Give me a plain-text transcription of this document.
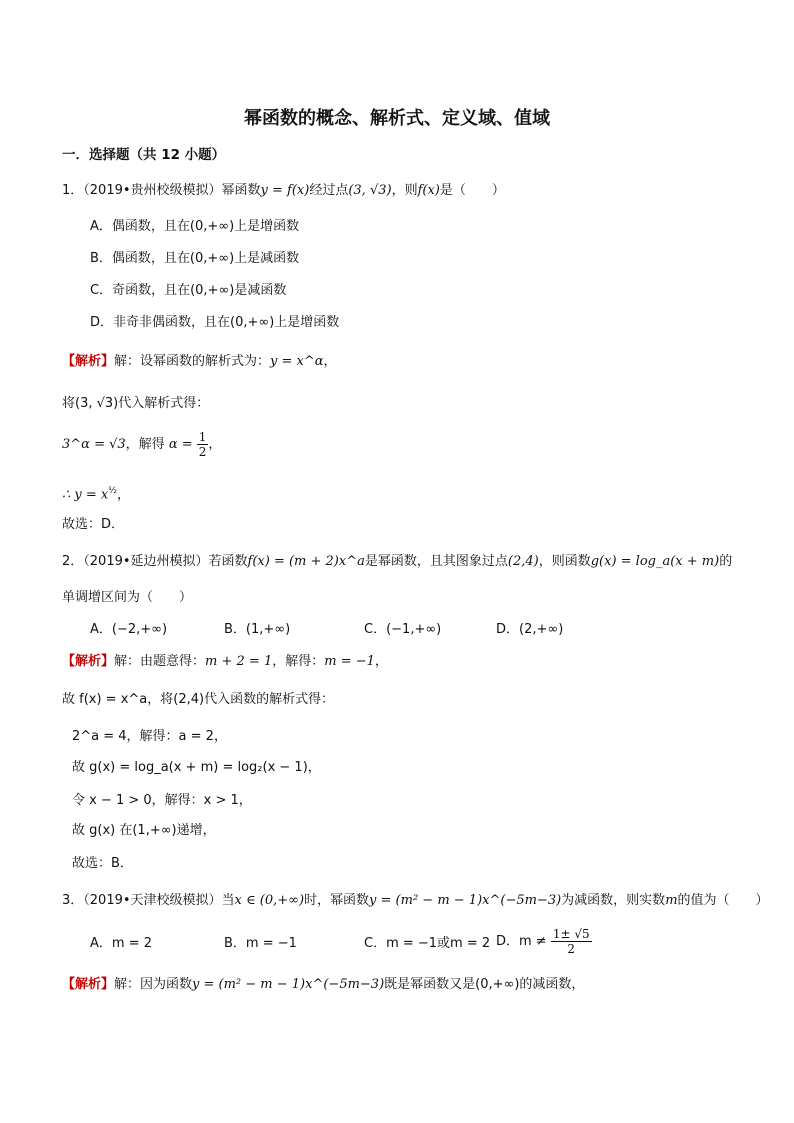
幂函数的概念、解析式、定义域、值域
一．选择题（共 12 小题）
1．（2019•贵州校级模拟）幂函数y = f(x)经过点(3, √3)，则f(x)是（　　）
A．偶函数，且在(0,+∞)上是增函数
B．偶函数，且在(0,+∞)上是减函数
C．奇函数，且在(0,+∞)是减函数
D．非奇非偶函数，且在(0,+∞)上是增函数
【解析】解：设幂函数的解析式为：y = x^α，
将(3, √3)代入解析式得：
3^α = √3，解得 $\alpha = \frac{1}{2}$ ，
∴ $y = x^{\frac{1}{2}}$，
故选：D．
2．（2019•延边州模拟）若函数f(x) = (m + 2)x^a是幂函数，且其图象过点(2,4)，则函数g(x) = log_a(x + m)的
单调增区间为（　　）
A．(−2,+∞)	B．(1,+∞)	C．(−1,+∞)	D．(2,+∞)
【解析】解：由题意得：m + 2 = 1，解得：m = −1，
故 f(x) = x^a，将(2,4)代入函数的解析式得：
2^a = 4，解得：a = 2，
故 g(x) = log_a(x + m) = log₂(x − 1)，
令 x − 1 > 0，解得：x > 1，
故 g(x) 在(1,+∞)递增，
故选：B．
3．（2019•天津校级模拟）当x ∈ (0,+∞)时，幂函数y = (m² − m − 1)x^(−5m−3)为减函数，则实数m的值为（　　）
A．m = 2	B．m = −1	C．m = −1或m = 2 D．$m \ne \frac{1\pm √5}{2}$
【解析】解：因为函数y = (m² − m − 1)x^(−5m−3)既是幂函数又是(0,+∞)的减函数，
